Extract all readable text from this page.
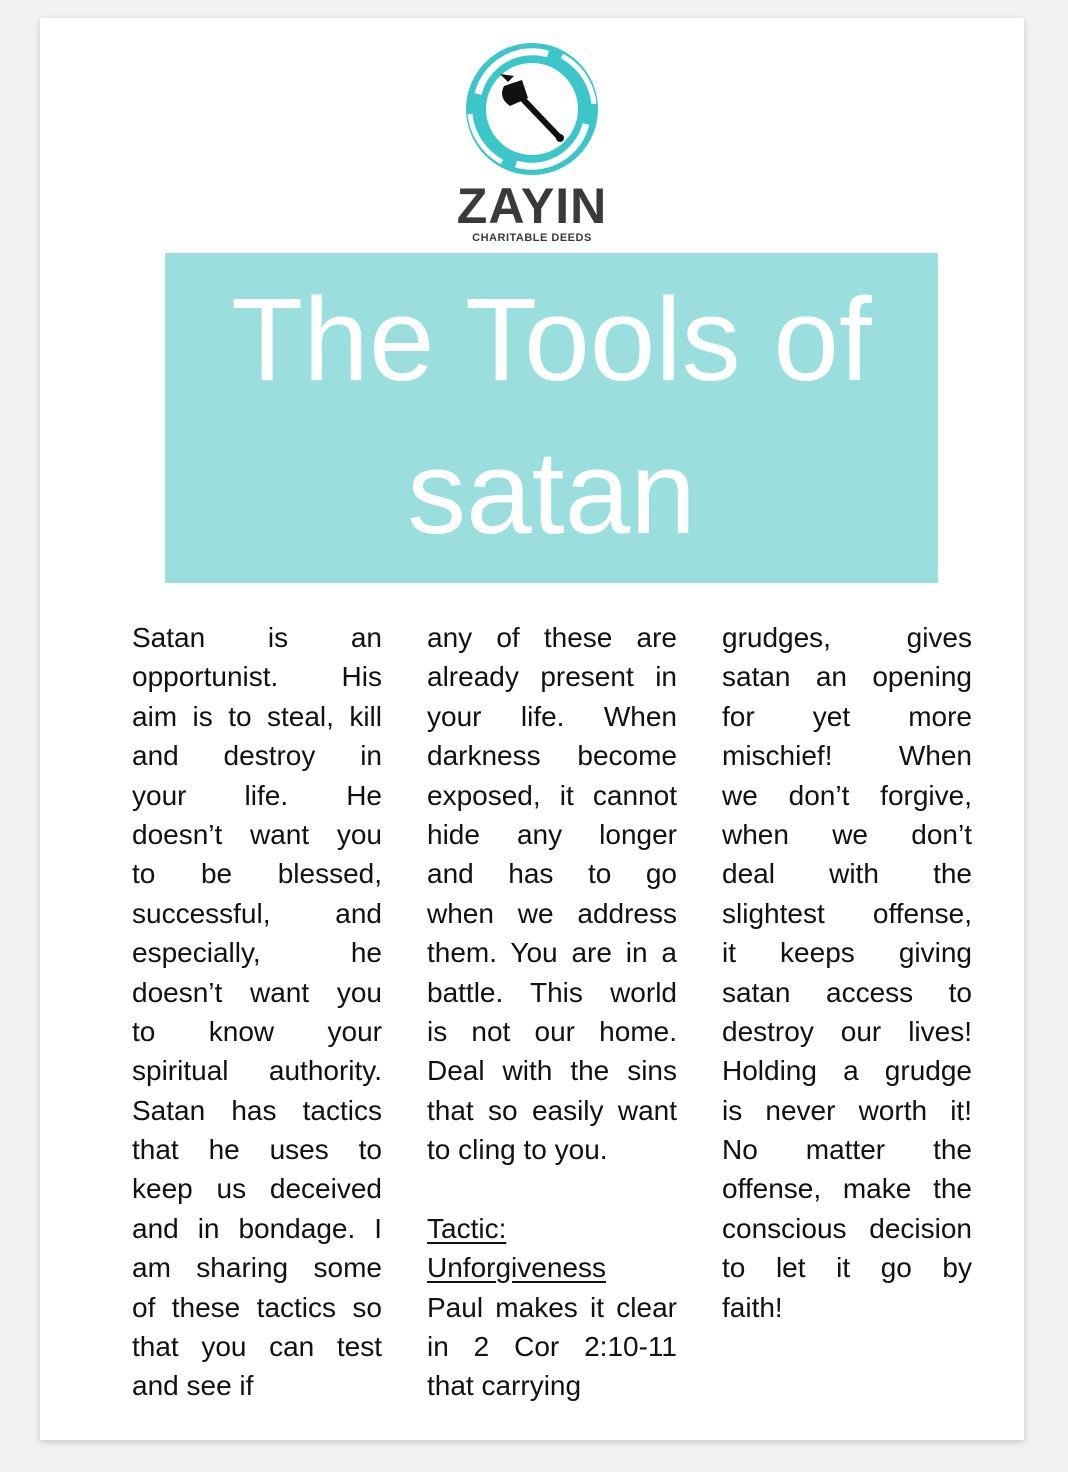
ZAYIN
CHARITABLE DEEDS
The Tools of
satan
Satan is an
opportunist. His
aim is to steal, kill
and destroy in
your life. He
doesn’t want you
to be blessed,
successful, and
especially, he
doesn’t want you
to know your
spiritual authority.
Satan has tactics
that he uses to
keep us deceived
and in bondage. I
am sharing some
of these tactics so
that you can test
and see if
any of these are
already present in
your life. When
darkness become
exposed, it cannot
hide any longer
and has to go
when we address
them. You are in a
battle. This world
is not our home.
Deal with the sins
that so easily want
to cling to you.
Tactic:
Unforgiveness
Paul makes it clear
in 2 Cor 2:10-11
that carrying
grudges, gives
satan an opening
for yet more
mischief! When
we don’t forgive,
when we don’t
deal with the
slightest offense,
it keeps giving
satan access to
destroy our lives!
Holding a grudge
is never worth it!
No matter the
offense, make the
conscious decision
to let it go by
faith!
